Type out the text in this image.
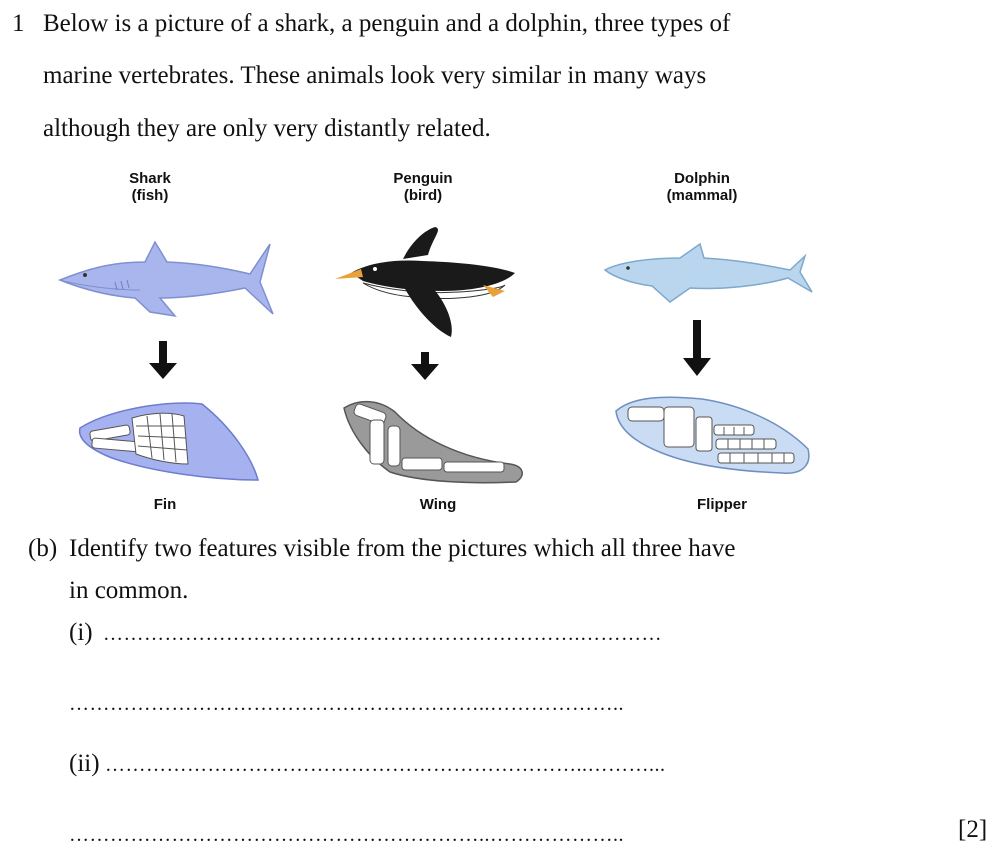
1 Below is a picture of a shark, a penguin and a dolphin, three types of
marine vertebrates. These animals look very similar in many ways
although they are only very distantly related.
Shark
(fish)
Penguin
(bird)
Dolphin
(mammal)
Fin	Wing	Flipper
(b) Identify two features visible from the pictures which all three have
in common.
(i) …………………………………………………………….…………
……………………………………………………..………………..
(ii) ……………………………………………………………..………...
……………………………………………………..………………..	[2]
